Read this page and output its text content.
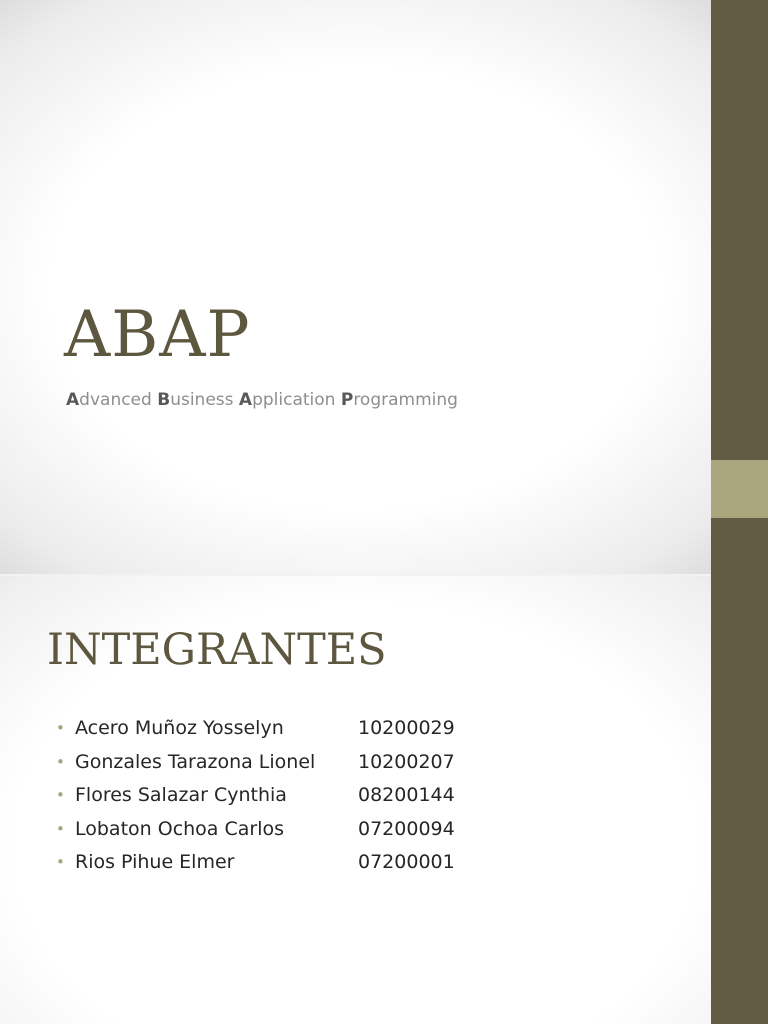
ABAP

Advanced Business Application Programming

INTEGRANTES
• Acero Muñoz Yosselyn	10200029
• Gonzales Tarazona Lionel 10200207
• Flores Salazar Cynthia	08200144
• Lobaton Ochoa Carlos	07200094
• Rios Pihue Elmer	07200001
